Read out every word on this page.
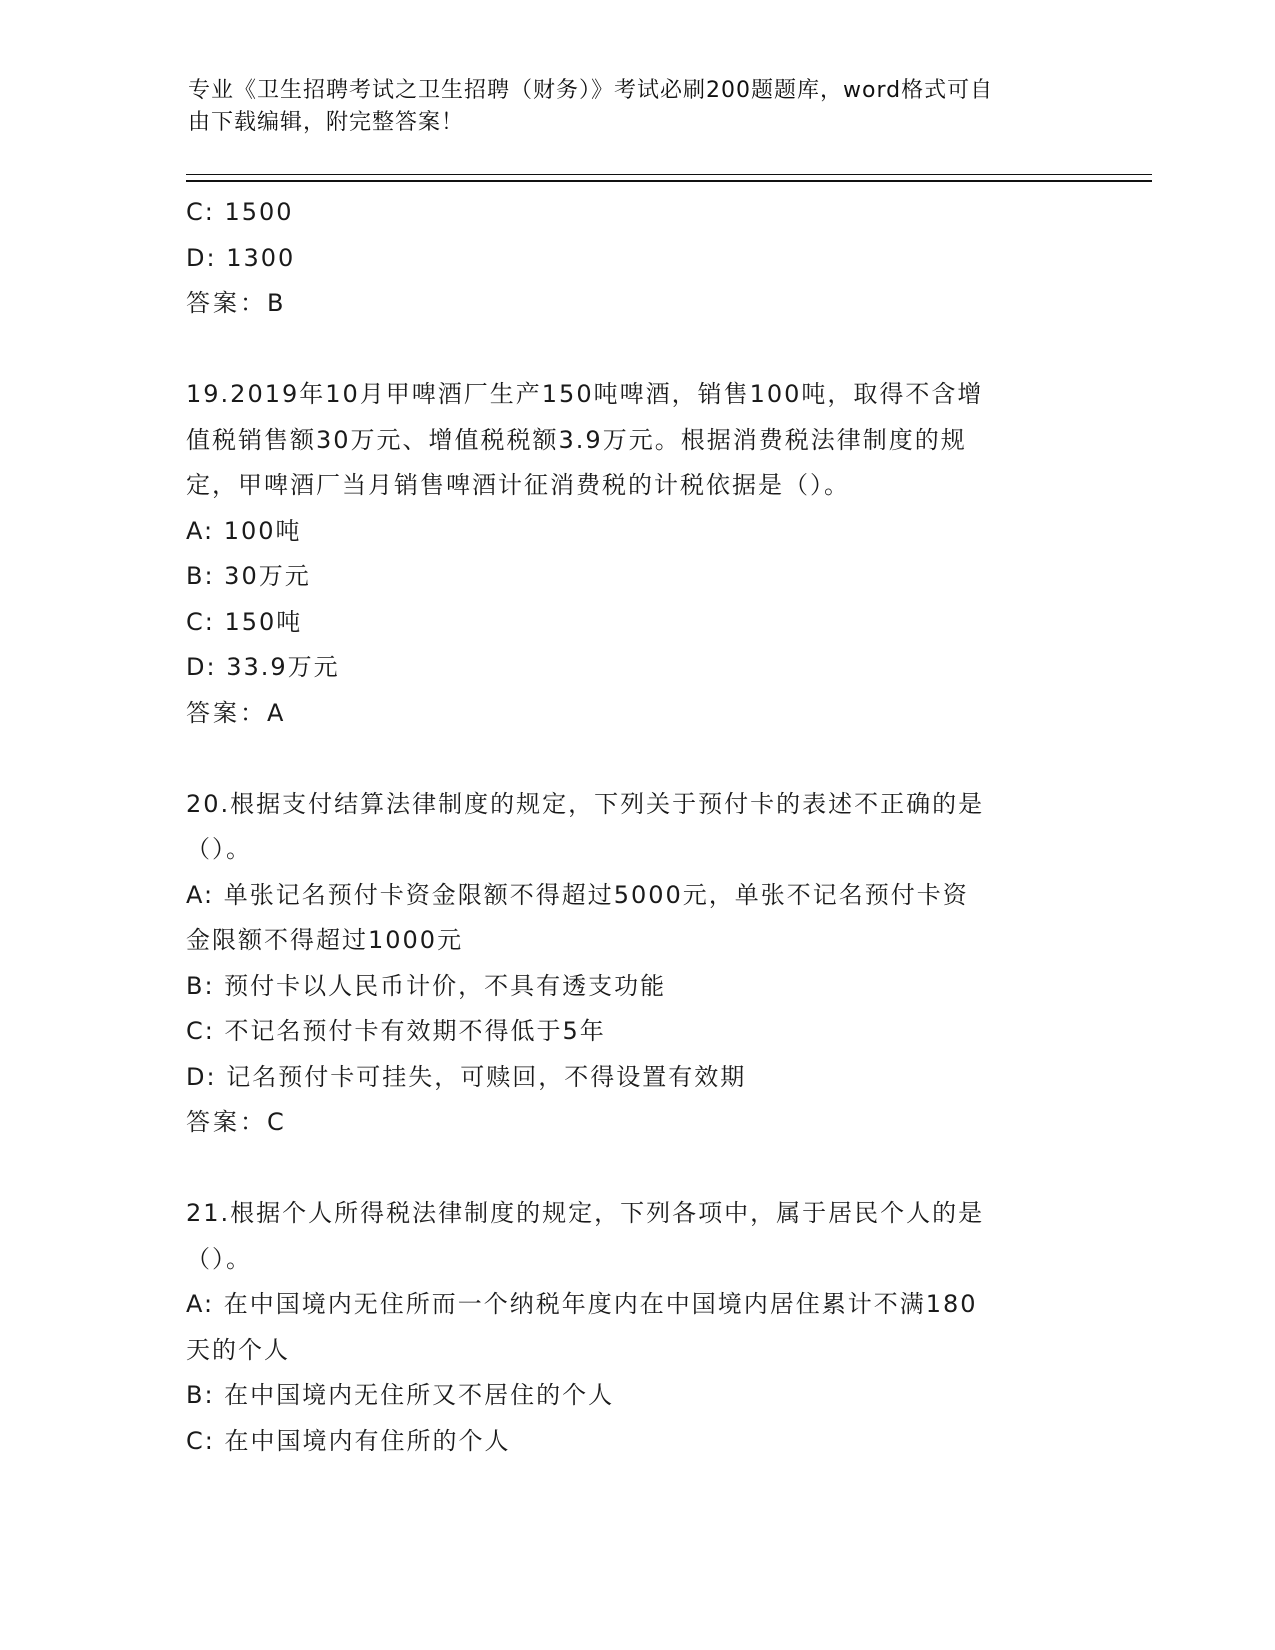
专业《卫生招聘考试之卫生招聘（财务）》考试必刷200题题库，word格式可自
由下载编辑，附完整答案！
C: 1500
D: 1300
答案：B
19.2019年10月甲啤酒厂生产150吨啤酒，销售100吨，取得不含增
值税销售额30万元、增值税税额3.9万元。根据消费税法律制度的规
定，甲啤酒厂当月销售啤酒计征消费税的计税依据是（）。
A: 100吨
B: 30万元
C: 150吨
D: 33.9万元
答案：A
20.根据支付结算法律制度的规定，下列关于预付卡的表述不正确的是
（）。
A: 单张记名预付卡资金限额不得超过5000元，单张不记名预付卡资
金限额不得超过1000元
B: 预付卡以人民币计价，不具有透支功能
C: 不记名预付卡有效期不得低于5年
D: 记名预付卡可挂失，可赎回，不得设置有效期
答案：C
21.根据个人所得税法律制度的规定，下列各项中，属于居民个人的是
（）。
A: 在中国境内无住所而一个纳税年度内在中国境内居住累计不满180
天的个人
B: 在中国境内无住所又不居住的个人
C: 在中国境内有住所的个人
